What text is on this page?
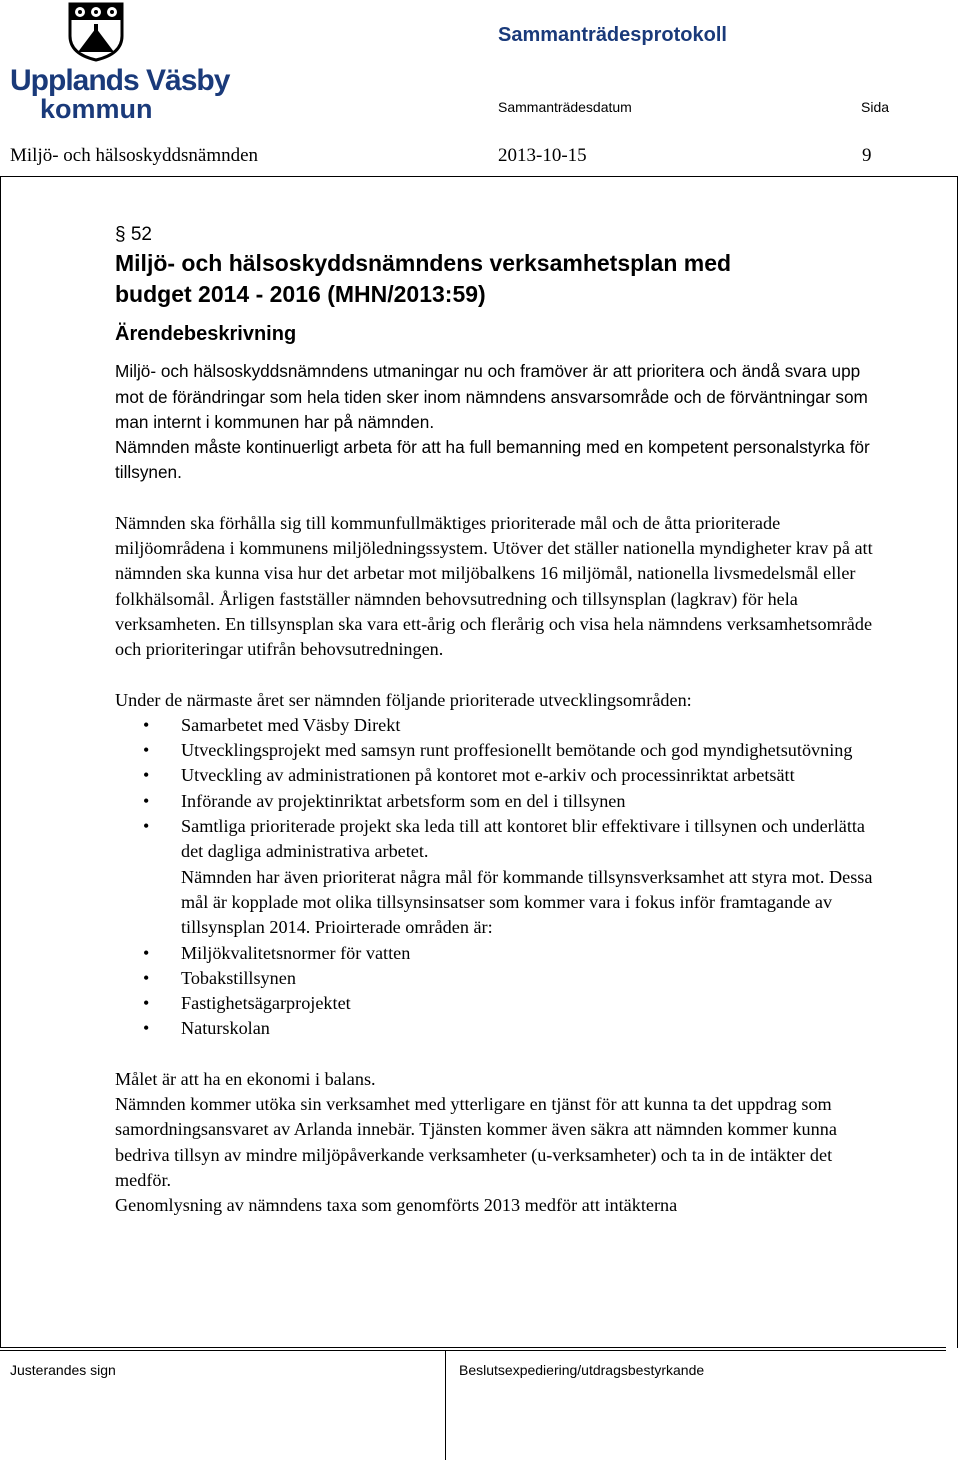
Upplands Väsby
kommun
Sammanträdesprotokoll
Sammanträdesdatum	Sida
Miljö- och hälsoskyddsnämnden	2013-10-15	9
§ 52
Miljö- och hälsoskyddsnämndens verksamhetsplan med
budget 2014 - 2016 (MHN/2013:59)
Ärendebeskrivning

Miljö- och hälsoskyddsnämndens utmaningar nu och framöver är att prioritera och ändå svara upp mot de förändringar som hela tiden sker inom nämndens ansvarsområde och de förväntningar som man internt i kommunen har på nämnden.

Nämnden måste kontinuerligt arbeta för att ha full bemanning med en kompetent personalstyrka för tillsynen.

Nämnden ska förhålla sig till kommunfullmäktiges prioriterade mål och de åtta prioriterade miljöområdena i kommunens miljöledningssystem. Utöver det ställer nationella myndigheter krav på att nämnden ska kunna visa hur det arbetar mot miljöbalkens 16 miljömål, nationella livsmedelsmål eller folkhälsomål. Årligen fastställer nämnden behovsutredning och tillsynsplan (lagkrav) för hela verksamheten. En tillsynsplan ska vara ett-årig och flerårig och visa hela nämndens verksamhetsområde och prioriteringar utifrån behovsutredningen.

Under de närmaste året ser nämnden följande prioriterade utvecklingsområden:

• Samarbetet med Väsby Direkt
• Utvecklingsprojekt med samsyn runt proffesionellt bemötande och god myndighetsutövning
• Utveckling av administrationen på kontoret mot e-arkiv och processinriktat arbetsätt
• Införande av projektinriktat arbetsform som en del i tillsynen
• Samtliga prioriterade projekt ska leda till att kontoret blir effektivare i tillsynen och underlätta det dagliga administrativa arbetet.

Nämnden har även prioriterat några mål för kommande tillsynsverksamhet att styra mot. Dessa mål är kopplade mot olika tillsynsinsatser som kommer vara i fokus inför framtagande av tillsynsplan 2014. Prioirterade områden är:

• Miljökvalitetsnormer för vatten
• Tobakstillsynen
• Fastighetsägarprojektet
• Naturskolan

Målet är att ha en ekonomi i balans.

Nämnden kommer utöka sin verksamhet med ytterligare en tjänst för att kunna ta det uppdrag som samordningsansvaret av Arlanda innebär. Tjänsten kommer även säkra att nämnden kommer kunna bedriva tillsyn av mindre miljöpåverkande verksamheter (u-verksamheter) och ta in de intäkter det medför.

Genomlysning av nämndens taxa som genomförts 2013 medför att intäkterna

Justerandes sign	Beslutsexpediering/utdragsbestyrkande
